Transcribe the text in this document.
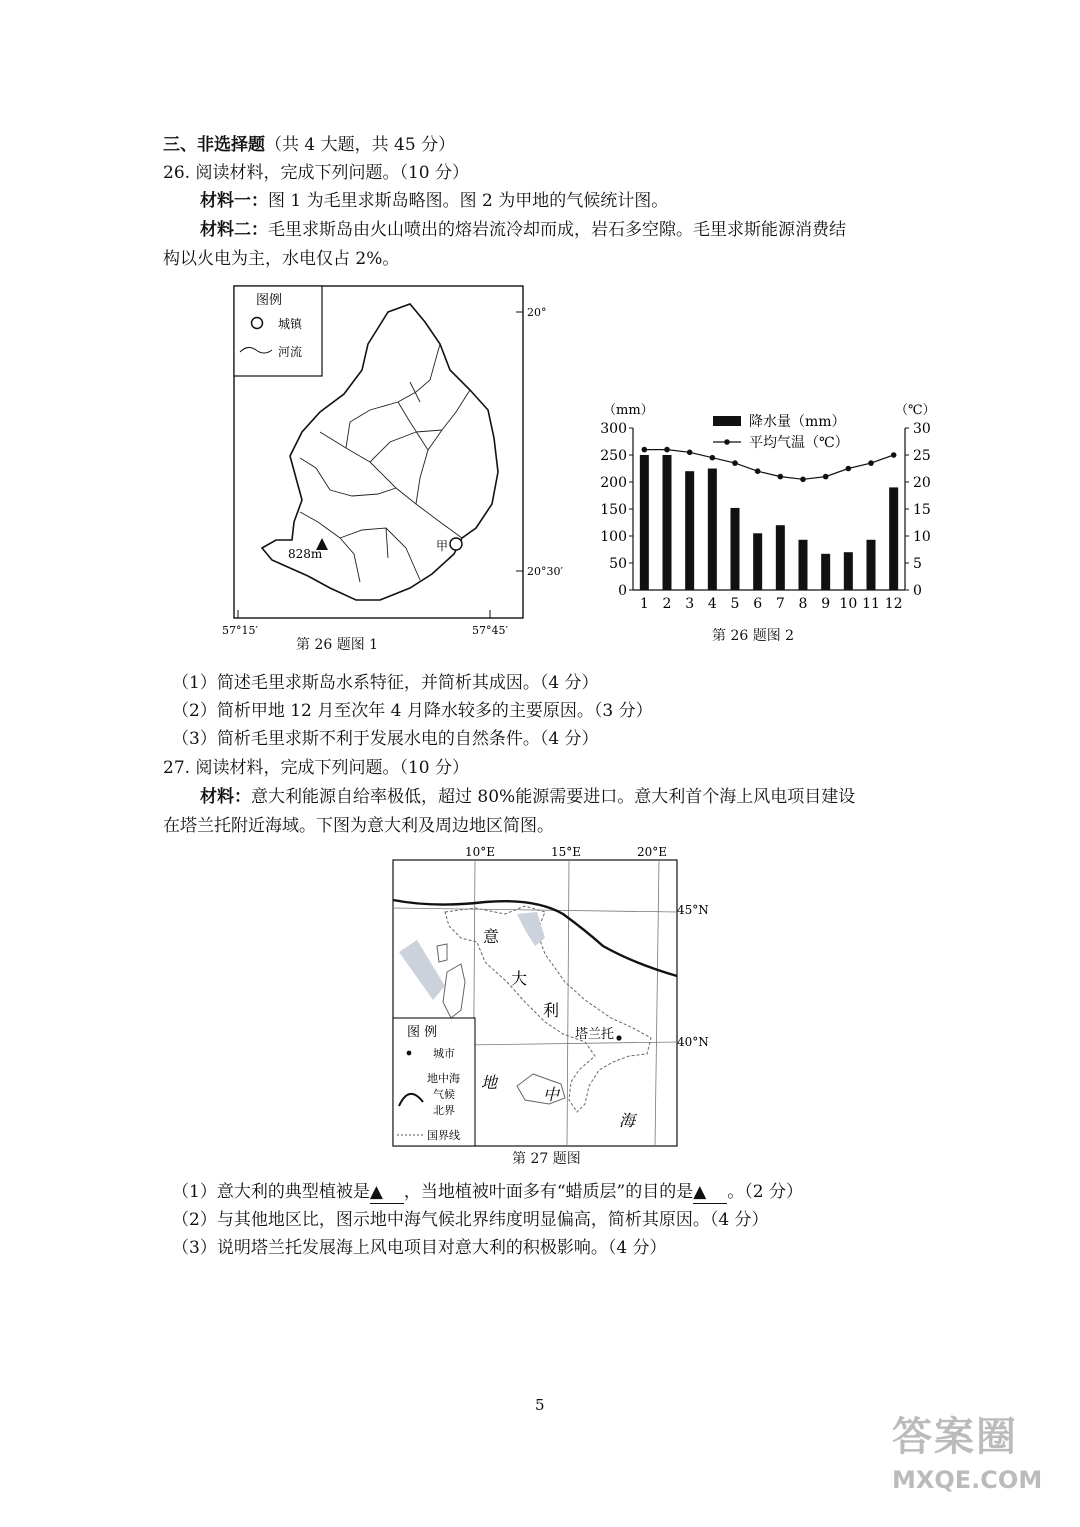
三、非选择题（共 4 大题，共 45 分）
26. 阅读材料，完成下列问题。（10 分）
材料一：图 1 为毛里求斯岛略图。图 2 为甲地的气候统计图。
材料二：毛里求斯岛由火山喷出的熔岩流冷却而成，岩石多空隙。毛里求斯能源消费结
构以火电为主，水电仅占 2%。
图例
城镇
河流
20°
20°30′
57°15′	57°45′
828m
甲
第 26 题图 1
0
50
100
150
200
250
300
0
5
10
15
20
25
30
1 2 3 4 5 6 7 8 9 10 11 12
（mm）	（℃）
降水量（mm）
平均气温（℃）
第 26 题图 2
（1）简述毛里求斯岛水系特征，并简析其成因。（4 分）
（2）简析甲地 12 月至次年 4 月降水较多的主要原因。（3 分）
（3）简析毛里求斯不利于发展水电的自然条件。（4 分）
27. 阅读材料，完成下列问题。（10 分）
材料：意大利能源自给率极低，超过 80%能源需要进口。意大利首个海上风电项目建设
在塔兰托附近海域。下图为意大利及周边地区简图。
10°E	15°E	20°E
45°N
40°N
意
大
利
塔兰托
地
中
海
图 例
城市
地中海
气候
北界
国界线
第 27 题图
（1）意大利的典型植被是▲ ，当地植被叶面多有“蜡质层”的目的是▲ 。（2 分）
（2）与其他地区比，图示地中海气候北界纬度明显偏高，简析其原因。（4 分）
（3）说明塔兰托发展海上风电项目对意大利的积极影响。（4 分）
5
答案圈
MXQE.COM
